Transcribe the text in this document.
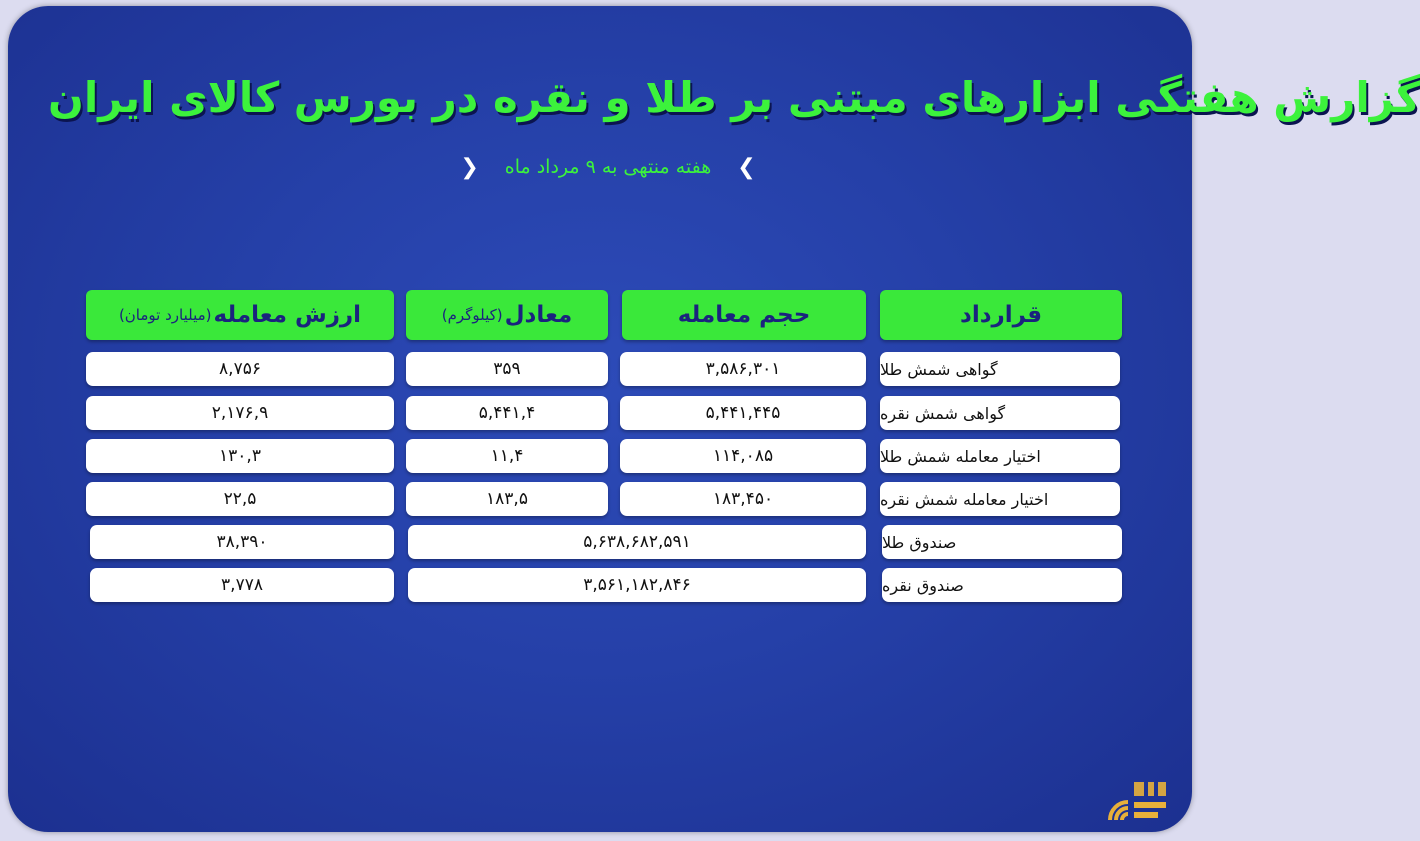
گزارش هفتگی ابزارهای مبتنی بر طلا و نقره در بورس کالای ایران
❯
هفته منتهی به ۹ مرداد ماه
❮
قرارداد
حجم معامله
معادل
(کیلوگرم)
ارزش معامله
(میلیارد تومان)
گواهی شمش طلا
۳,۵۸۶,۳۰۱
۳۵۹
۸,۷۵۶
گواهی شمش نقره
۵,۴۴۱,۴۴۵
۵,۴۴۱,۴
۲,۱۷۶,۹
اختیار معامله شمش طلا
۱۱۴,۰۸۵
۱۱,۴
۱۳۰,۳
اختیار معامله شمش نقره
۱۸۳,۴۵۰
۱۸۳,۵
۲۲,۵
صندوق طلا
۵,۶۳۸,۶۸۲,۵۹۱
۳۸,۳۹۰
صندوق نقره
۳,۵۶۱,۱۸۲,۸۴۶
۳,۷۷۸
